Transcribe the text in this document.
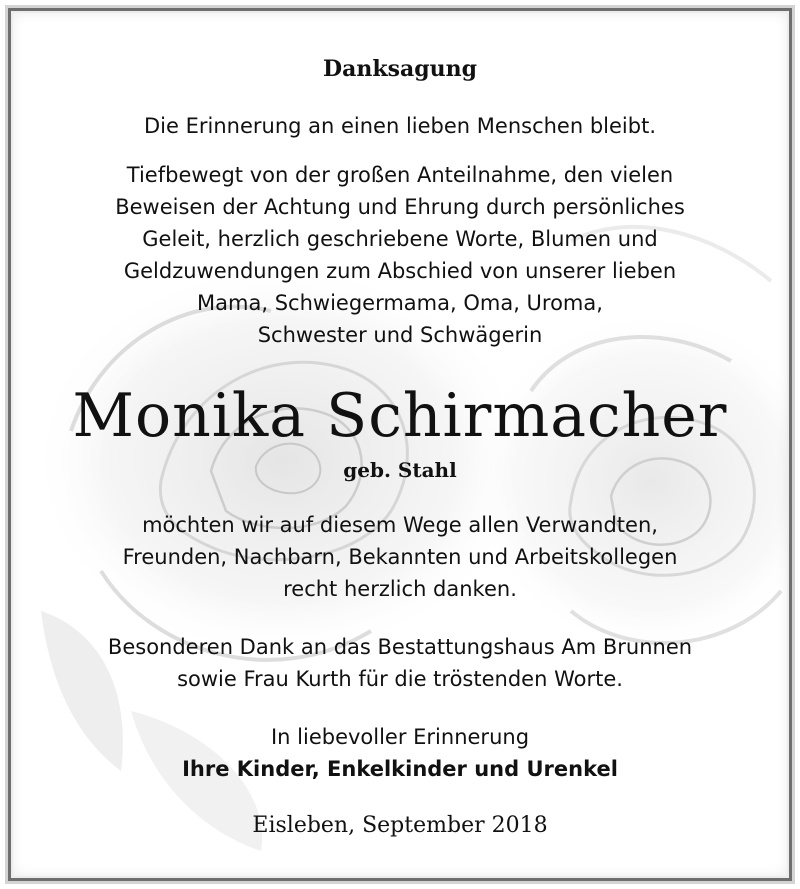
Danksagung
Die Erinnerung an einen lieben Menschen bleibt.
Tiefbewegt von der großen Anteilnahme, den vielen
Beweisen der Achtung und Ehrung durch persönliches
Geleit, herzlich geschriebene Worte, Blumen und
Geldzuwendungen zum Abschied von unserer lieben
Mama, Schwiegermama, Oma, Uroma,
Schwester und Schwägerin
Monika Schirmacher
geb. Stahl
möchten wir auf diesem Wege allen Verwandten,
Freunden, Nachbarn, Bekannten und Arbeitskollegen
recht herzlich danken.
Besonderen Dank an das Bestattungshaus Am Brunnen
sowie Frau Kurth für die tröstenden Worte.
In liebevoller Erinnerung
Ihre Kinder, Enkelkinder und Urenkel
Eisleben, September 2018
